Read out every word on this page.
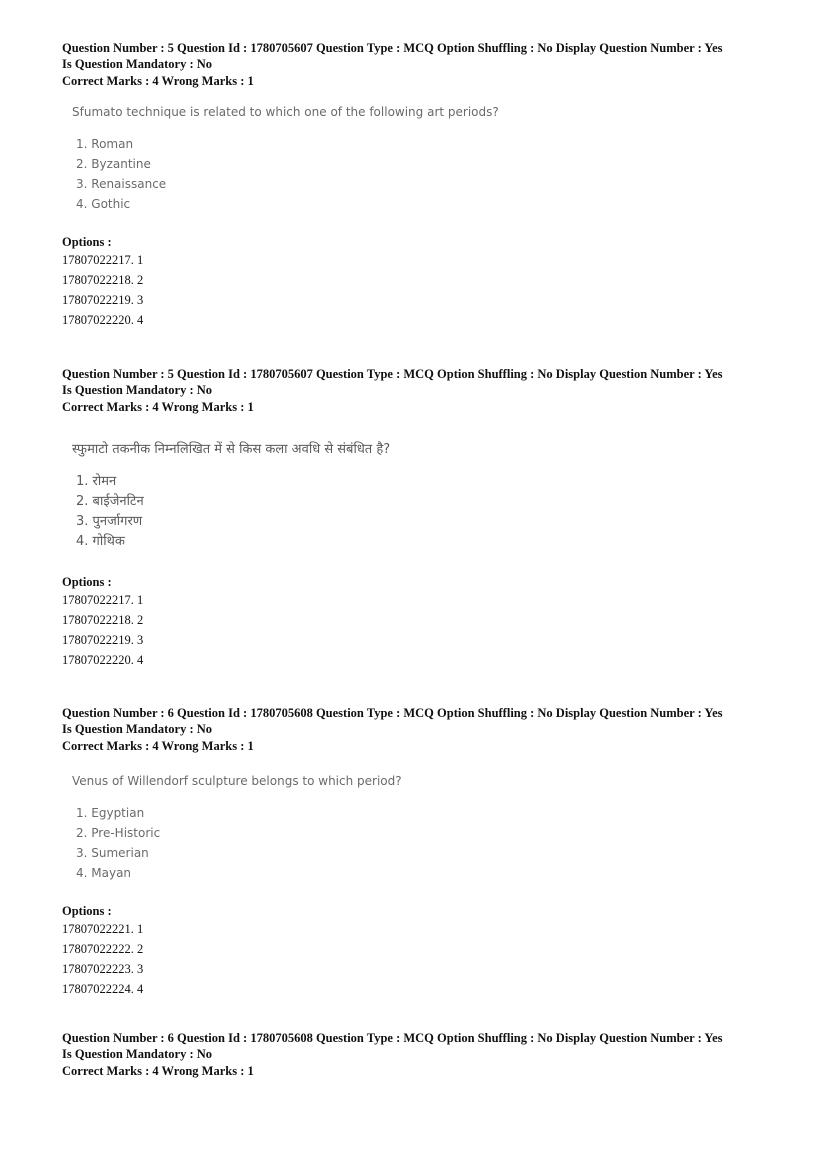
Question Number : 5 Question Id : 1780705607 Question Type : MCQ Option Shuffling : No Display Question Number : Yes
Is Question Mandatory : No
Correct Marks : 4 Wrong Marks : 1
Sfumato technique is related to which one of the following art periods?
1. Roman
2. Byzantine
3. Renaissance
4. Gothic
Options :
17807022217. 1
17807022218. 2
17807022219. 3
17807022220. 4
Question Number : 5 Question Id : 1780705607 Question Type : MCQ Option Shuffling : No Display Question Number : Yes
Is Question Mandatory : No
Correct Marks : 4 Wrong Marks : 1
स्फुमाटो तकनीक निम्नलिखित में से किस कला अवधि से संबंधित है?
1. रोमन
2. बाईजेनटिन
3. पुनर्जागरण
4. गोथिक
Options :
17807022217. 1
17807022218. 2
17807022219. 3
17807022220. 4
Question Number : 6 Question Id : 1780705608 Question Type : MCQ Option Shuffling : No Display Question Number : Yes
Is Question Mandatory : No
Correct Marks : 4 Wrong Marks : 1
Venus of Willendorf sculpture belongs to which period?
1. Egyptian
2. Pre-Historic
3. Sumerian
4. Mayan
Options :
17807022221. 1
17807022222. 2
17807022223. 3
17807022224. 4
Question Number : 6 Question Id : 1780705608 Question Type : MCQ Option Shuffling : No Display Question Number : Yes
Is Question Mandatory : No
Correct Marks : 4 Wrong Marks : 1
